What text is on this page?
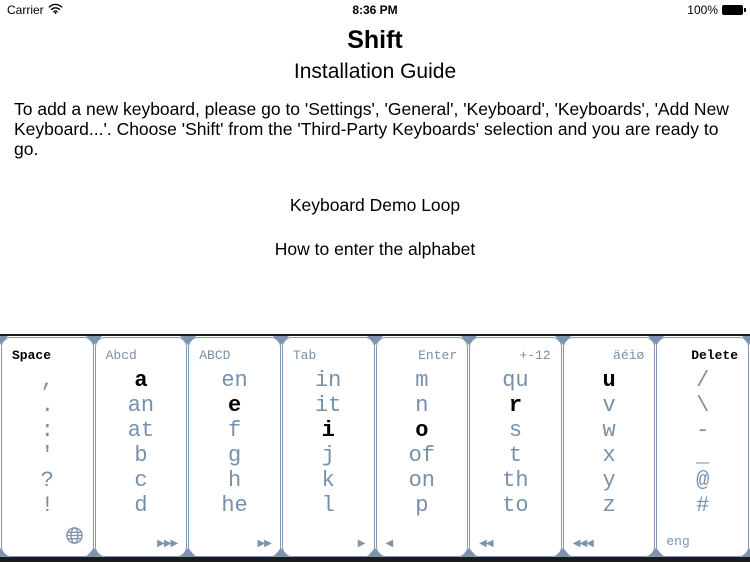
Carrier	8:36 PM	100%
Shift
Installation Guide

To add a new keyboard, please go to 'Settings', 'General', 'Keyboard', 'Keyboards', 'Add New Keyboard...'. Choose 'Shift' from the 'Third-Party Keyboards' selection and you are ready to go.

Keyboard Demo Loop
How to enter the alphabet
Space
,
.
:
'
?
!
Abcd
a
an
at
b
c
d
▶▶▶
ABCD
en
e
f
g
h
he
▶▶
Tab
in
it
i
j
k
l
▶
Enter
m
n
o
of
on
p
◀
+-12
qu
r
s
t
th
to
◀◀
äéìø
u
v
w
x
y
z
◀◀◀
Delete
/
\
-
_
@
#
eng
